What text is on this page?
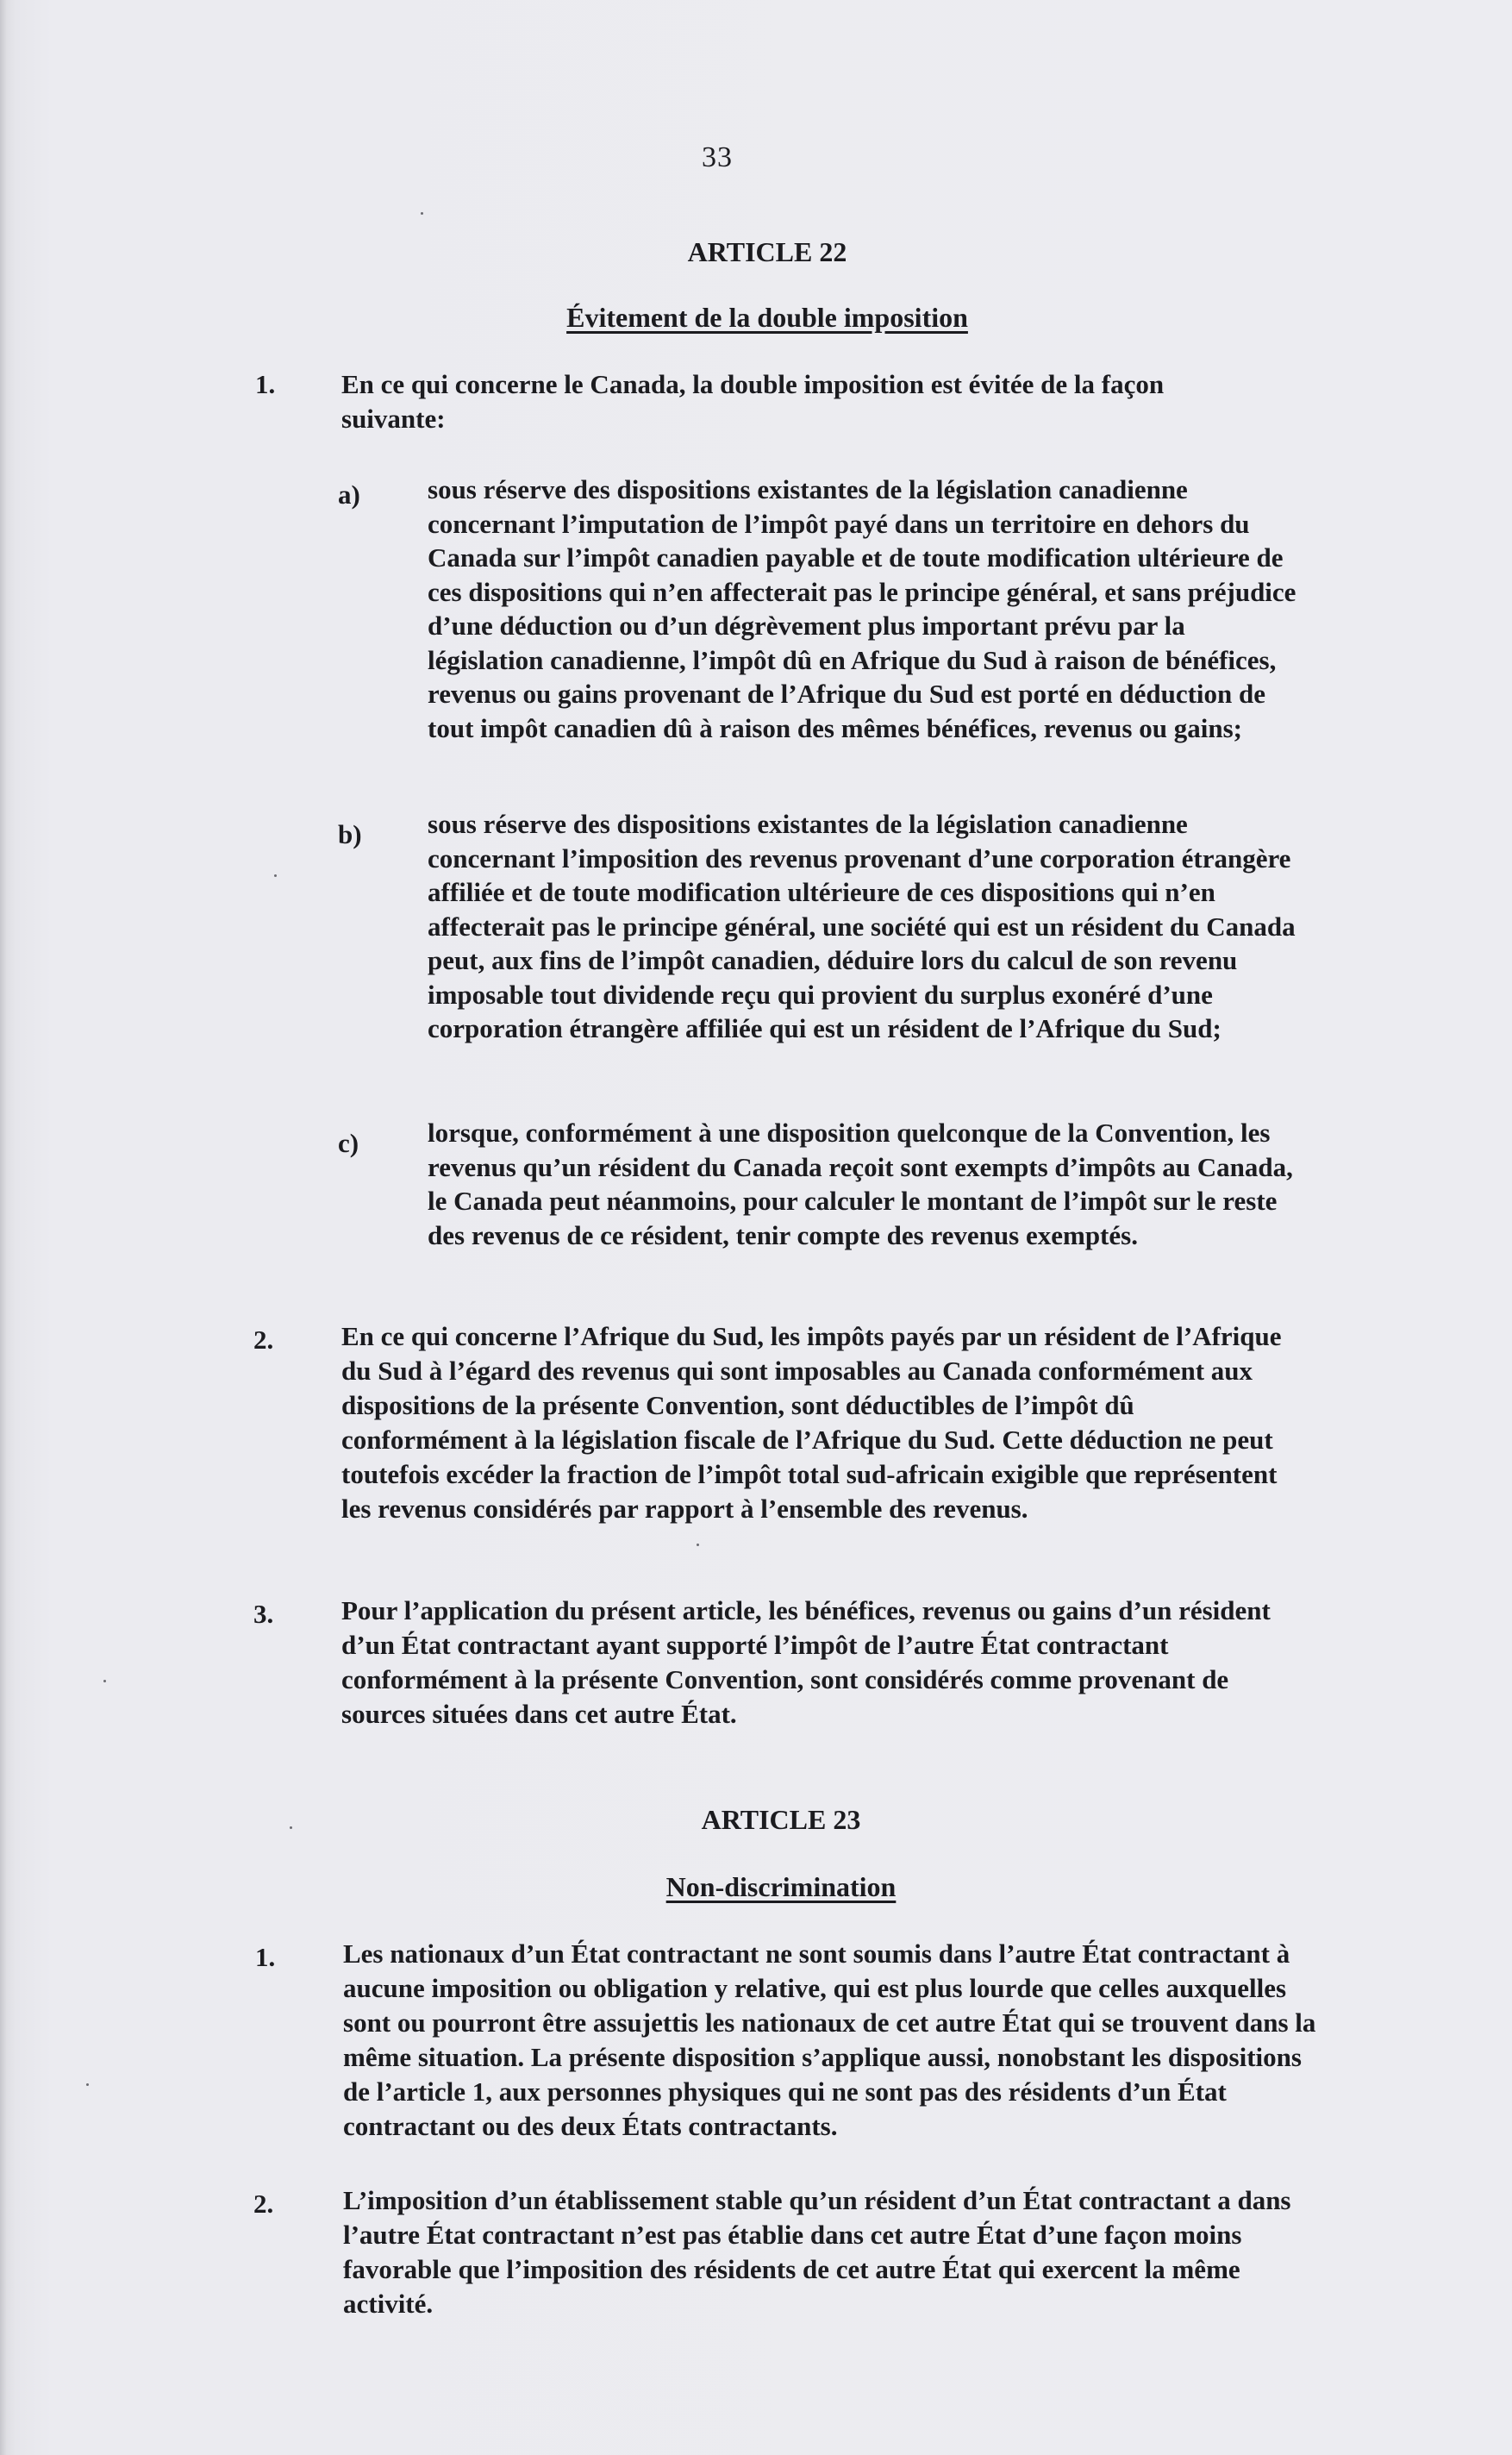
33
ARTICLE 22
Évitement de la double imposition
1. En ce qui concerne le Canada, la double imposition est évitée de la façon suivante:
a)	sous réserve des dispositions existantes de la législation canadienne concernant l’imputation de l’impôt payé dans un territoire en dehors du Canada sur l’impôt canadien payable et de toute modification ultérieure de ces dispositions qui n’en affecterait pas le principe général, et sans préjudice d’une déduction ou d’un dégrèvement plus important prévu par la législation canadienne, l’impôt dû en Afrique du Sud à raison de bénéfices, revenus ou gains provenant de l’Afrique du Sud est porté en déduction de tout impôt canadien dû à raison des mêmes bénéfices, revenus ou gains;
b) sous réserve des dispositions existantes de la législation canadienne concernant l’imposition des revenus provenant d’une corporation étrangère affiliée et de toute modification ultérieure de ces dispositions qui n’en affecterait pas le principe général, une société qui est un résident du Canada peut, aux fins de l’impôt canadien, déduire lors du calcul de son revenu imposable tout dividende reçu qui provient du surplus exonéré d’une corporation étrangère affiliée qui est un résident de l’Afrique du Sud;
c)	lorsque, conformément à une disposition quelconque de la Convention, les revenus qu’un résident du Canada reçoit sont exempts d’impôts au Canada, le Canada peut néanmoins, pour calculer le montant de l’impôt sur le reste des revenus de ce résident, tenir compte des revenus exemptés.
2.	En ce qui concerne l’Afrique du Sud, les impôts payés par un résident de l’Afrique du Sud à l’égard des revenus qui sont imposables au Canada conformément aux dispositions de la présente Convention, sont déductibles de l’impôt dû conformément à la législation fiscale de l’Afrique du Sud. Cette déduction ne peut toutefois excéder la fraction de l’impôt total sud-africain exigible que représentent les revenus considérés par rapport à l’ensemble des revenus.
3.	Pour l’application du présent article, les bénéfices, revenus ou gains d’un résident d’un État contractant ayant supporté l’impôt de l’autre État contractant conformément à la présente Convention, sont considérés comme provenant de sources situées dans cet autre État.
ARTICLE 23
Non-discrimination
1.	Les nationaux d’un État contractant ne sont soumis dans l’autre État contractant à aucune imposition ou obligation y relative, qui est plus lourde que celles auxquelles sont ou pourront être assujettis les nationaux de cet autre État qui se trouvent dans la même situation. La présente disposition s’applique aussi, nonobstant les dispositions de l’article 1, aux personnes physiques qui ne sont pas des résidents d’un État contractant ou des deux États contractants.
2.	L’imposition d’un établissement stable qu’un résident d’un État contractant a dans l’autre État contractant n’est pas établie dans cet autre État d’une façon moins favorable que l’imposition des résidents de cet autre État qui exercent la même activité.
